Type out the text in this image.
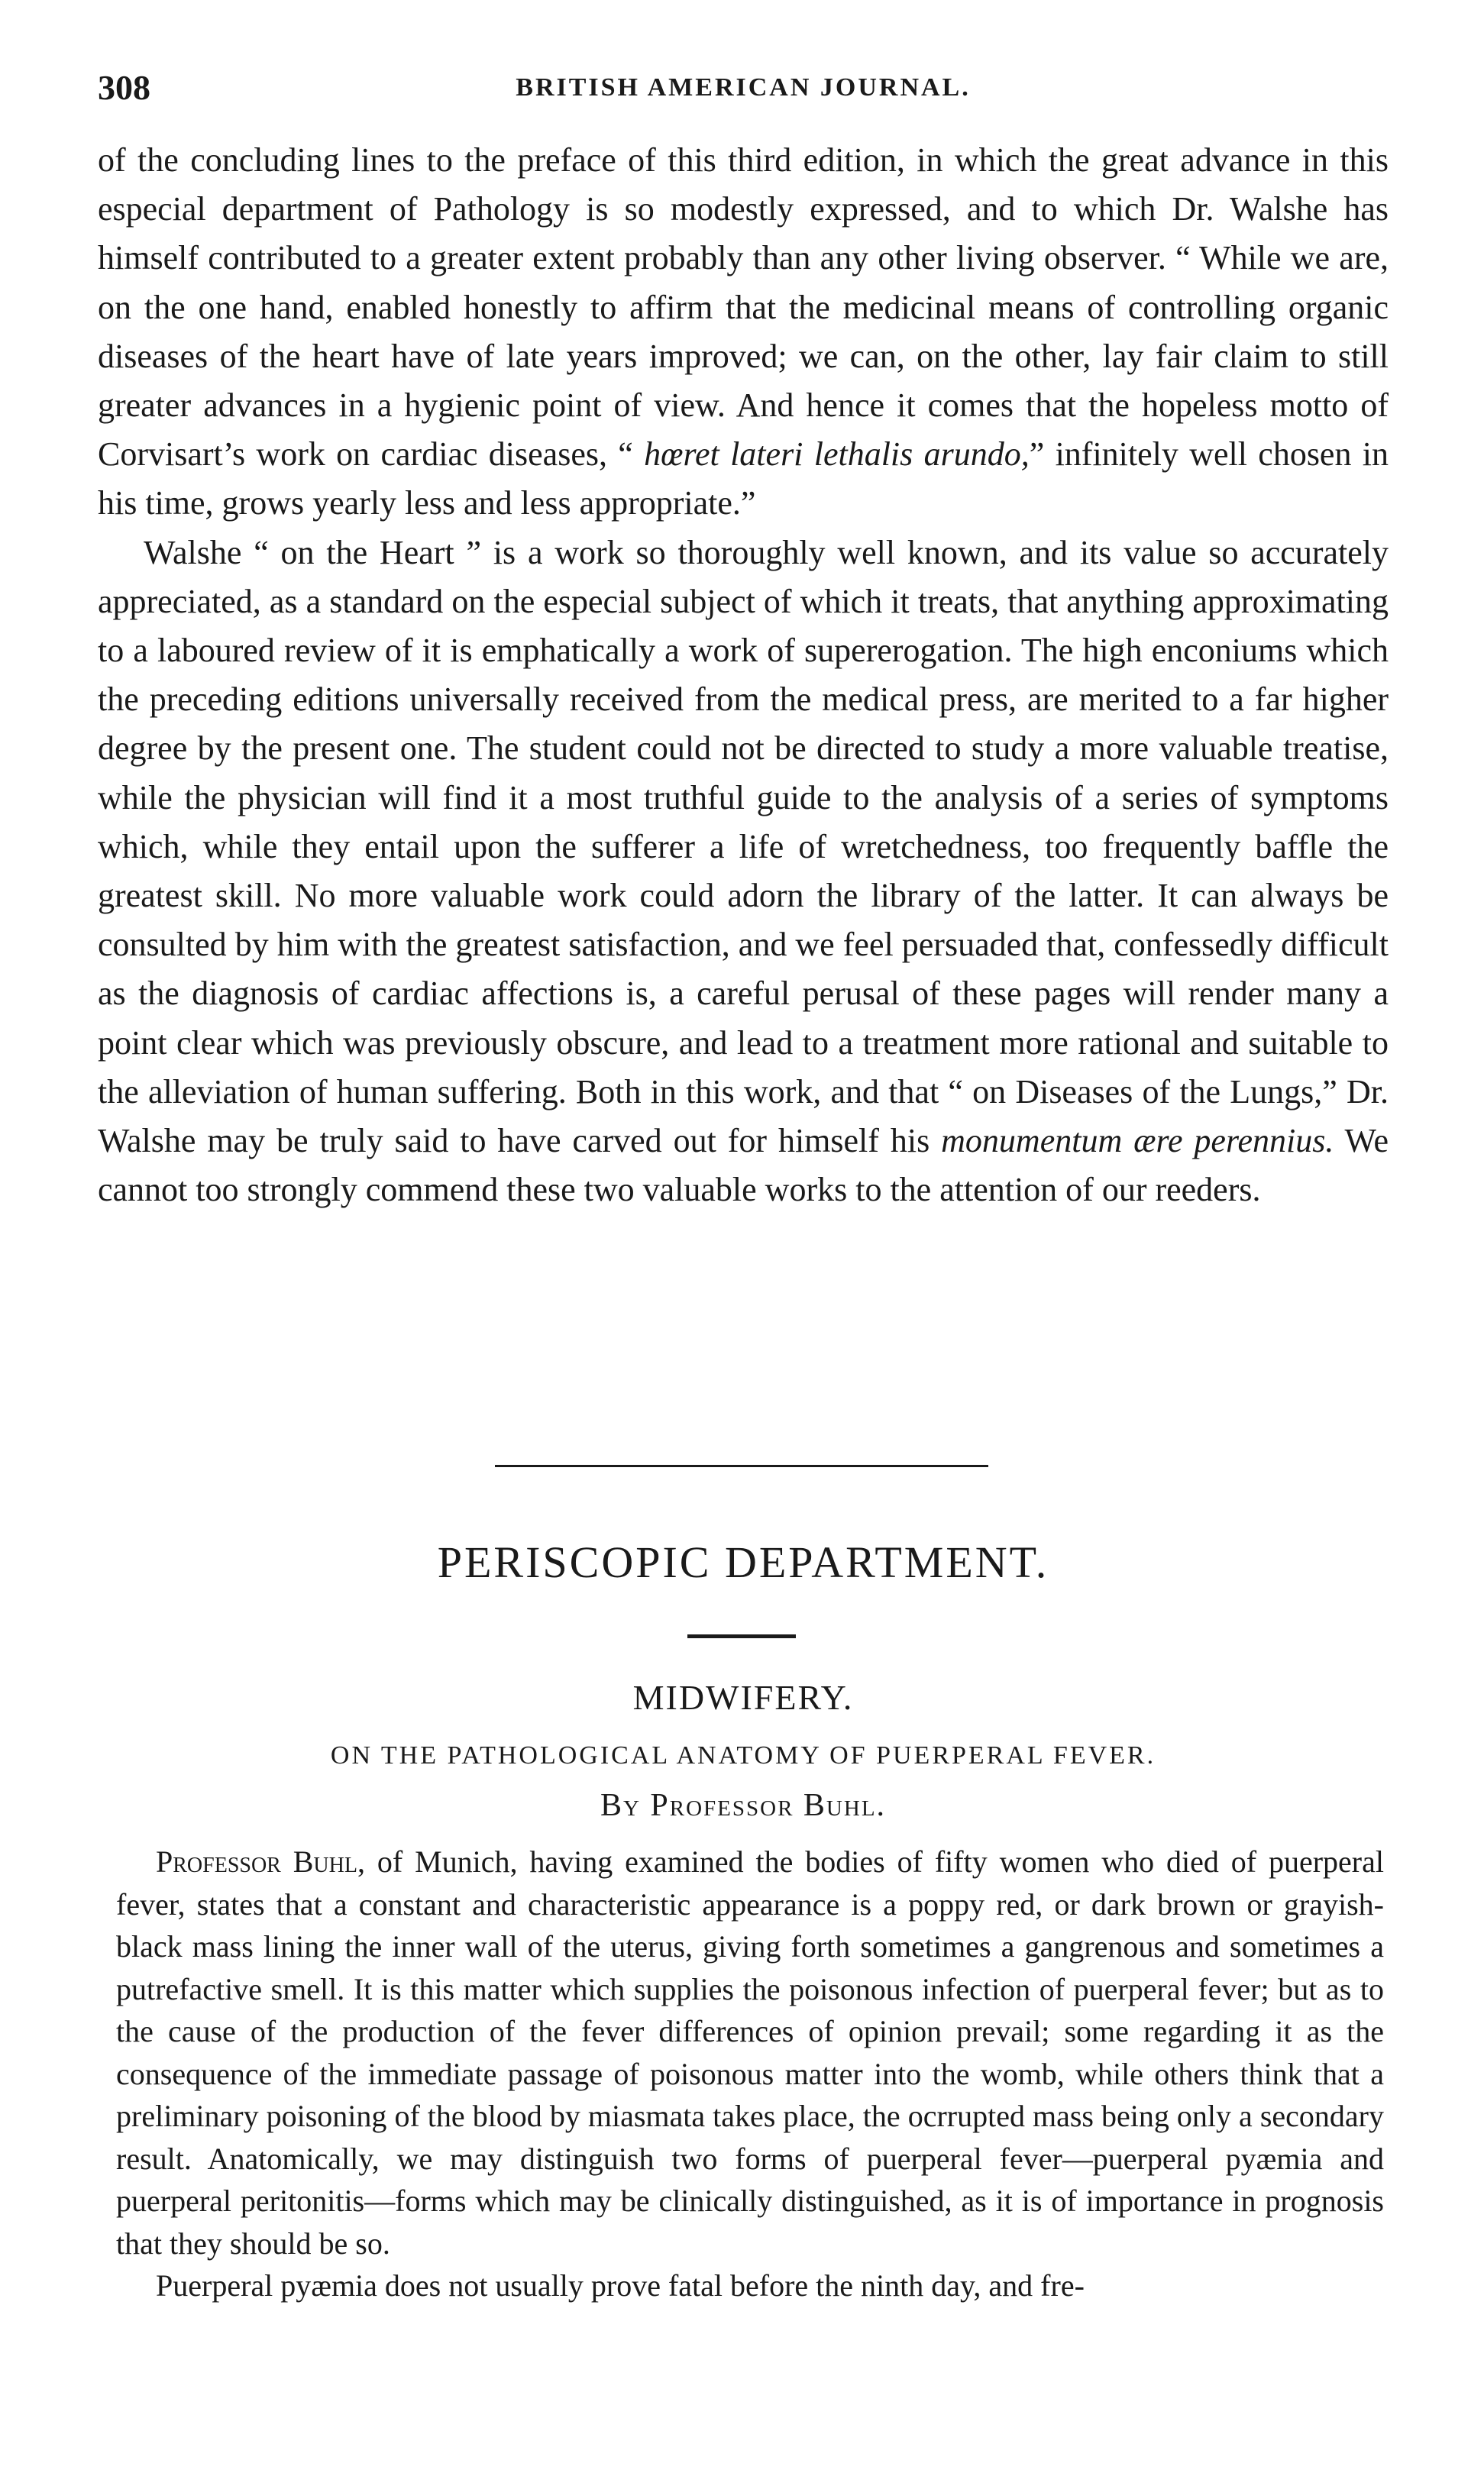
308	BRITISH AMERICAN JOURNAL.

of the concluding lines to the preface of this third edition, in which the great advance in this especial department of Pathology is so modestly expressed, and to which Dr. Walshe has himself contributed to a greater extent probably than any other living observer. “ While we are, on the one hand, enabled honestly to affirm that the medicinal means of controlling organic diseases of the heart have of late years improved; we can, on the other, lay fair claim to still greater advances in a hygienic point of view. And hence it comes that the hopeless motto of Corvisart’s work on cardiac diseases, “ hœret lateri lethalis arundo,” infinitely well chosen in his time, grows yearly less and less appropriate.”

Walshe “ on the Heart ” is a work so thoroughly well known, and its value so accurately appreciated, as a standard on the especial subject of which it treats, that anything approximating to a laboured review of it is emphatically a work of supererogation. The high enconiums which the preceding editions universally received from the medical press, are merited to a far higher degree by the present one. The student could not be directed to study a more valuable treatise, while the physician will find it a most truthful guide to the analysis of a series of symptoms which, while they entail upon the sufferer a life of wretchedness, too frequently baffle the greatest skill. No more valuable work could adorn the library of the latter. It can always be consulted by him with the greatest satisfaction, and we feel persuaded that, confessedly difficult as the diagnosis of cardiac affections is, a careful perusal of these pages will render many a point clear which was previously obscure, and lead to a treatment more rational and suitable to the alleviation of human suffering. Both in this work, and that “ on Diseases of the Lungs,” Dr. Walshe may be truly said to have carved out for himself his monumentum ære perennius. We cannot too strongly commend these two valuable works to the attention of our reeders.

PERISCOPIC DEPARTMENT.
MIDWIFERY.
ON THE PATHOLOGICAL ANATOMY OF PUERPERAL FEVER.
By Professor Buhl.

Professor Buhl, of Munich, having examined the bodies of fifty women who died of puerperal fever, states that a constant and characteristic appearance is a poppy red, or dark brown or grayish-black mass lining the inner wall of the uterus, giving forth sometimes a gangrenous and sometimes a putrefactive smell. It is this matter which supplies the poisonous infection of puerperal fever; but as to the cause of the production of the fever differences of opinion prevail; some regarding it as the consequence of the immediate passage of poisonous matter into the womb, while others think that a preliminary poisoning of the blood by miasmata takes place, the ocrrupted mass being only a secondary result. Anatomically, we may distinguish two forms of puerperal fever—puerperal pyæmia and puerperal peritonitis—forms which may be clinically distinguished, as it is of importance in prognosis that they should be so.

Puerperal pyæmia does not usually prove fatal before the ninth day, and fre-
